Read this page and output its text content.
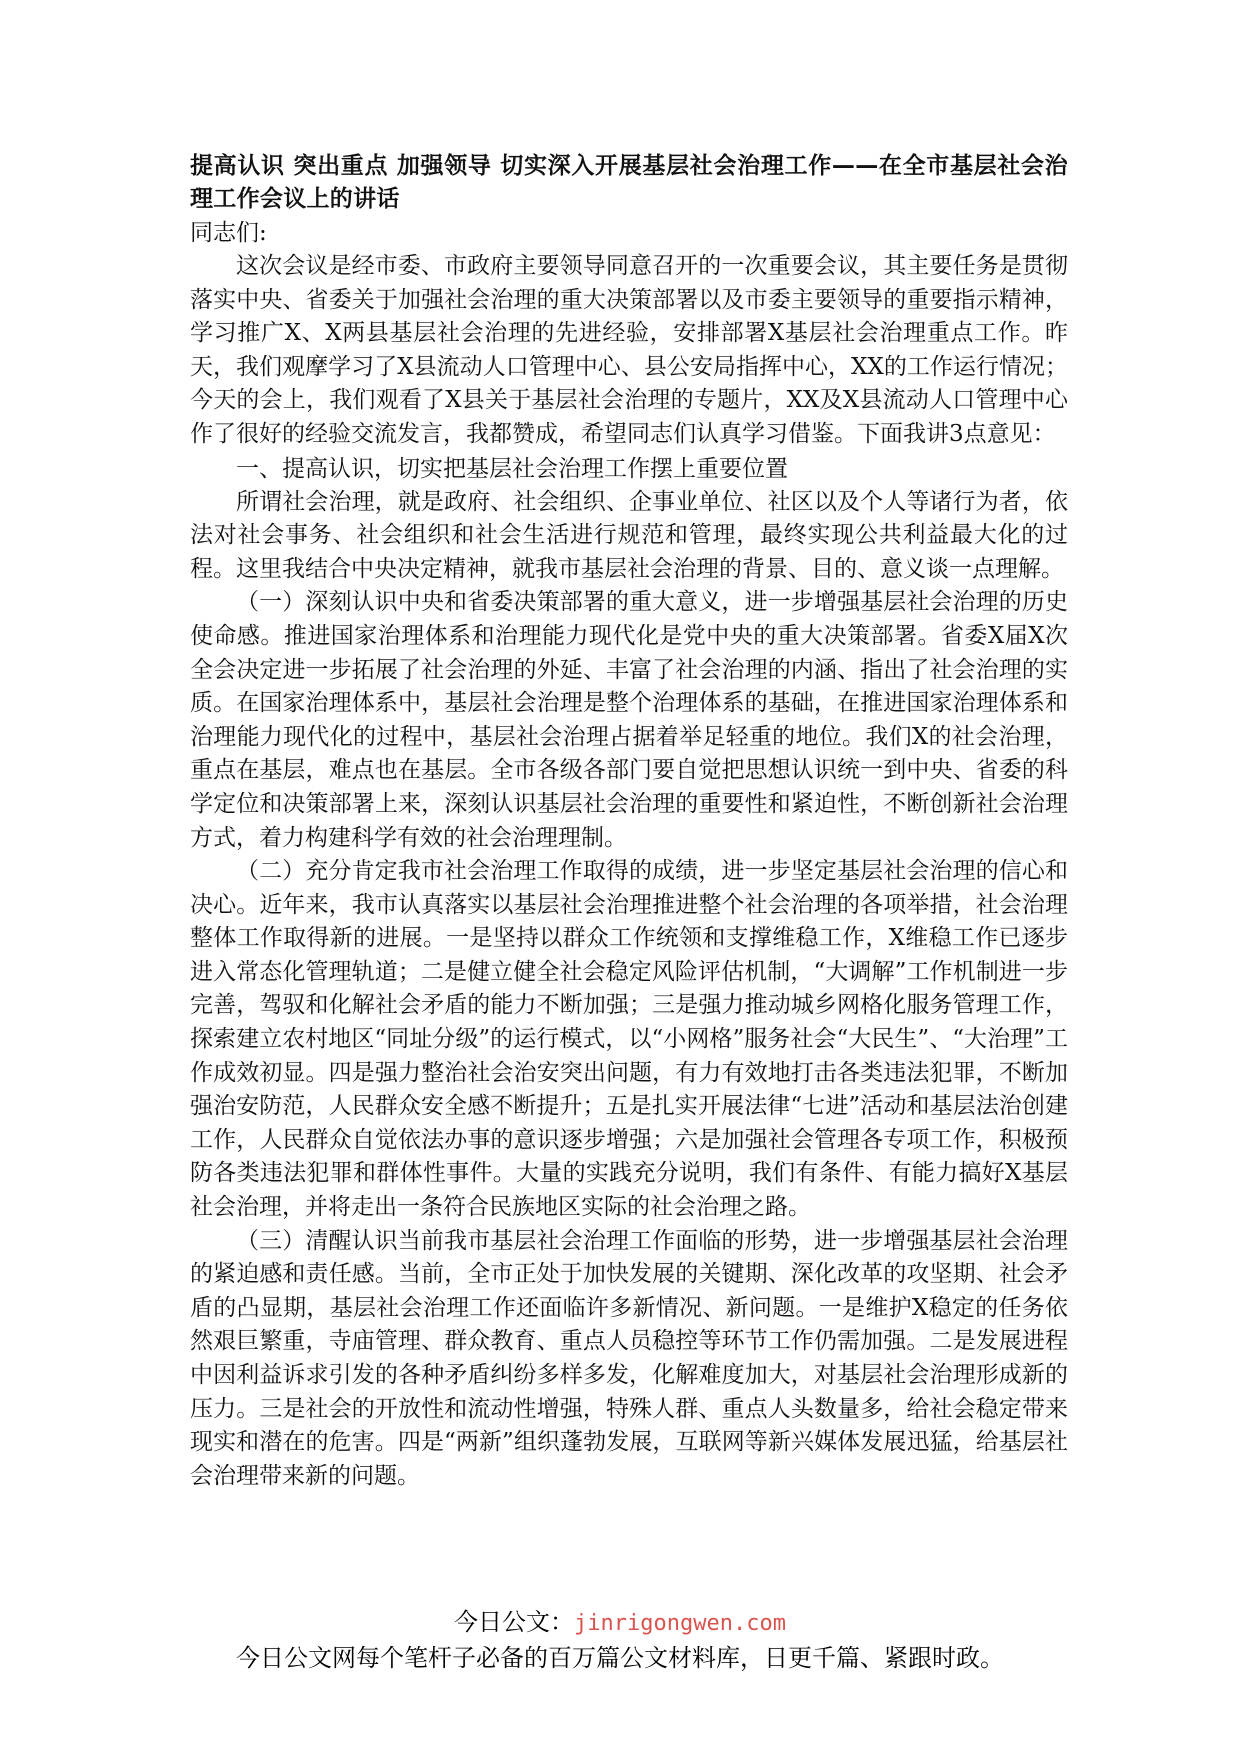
提高认识 突出重点 加强领导 切实深入开展基层社会治理工作——在全市基层社会治理工作会议上的讲话

同志们:

这次会议是经市委、市政府主要领导同意召开的一次重要会议，其主要任务是贯彻落实中央、省委关于加强社会治理的重大决策部署以及市委主要领导的重要指示精神，学习推广X、X两县基层社会治理的先进经验，安排部署X基层社会治理重点工作。昨天，我们观摩学习了X县流动人口管理中心、县公安局指挥中心，XX的工作运行情况；今天的会上，我们观看了X县关于基层社会治理的专题片，XX及X县流动人口管理中心作了很好的经验交流发言，我都赞成，希望同志们认真学习借鉴。下面我讲3点意见：

一、提高认识，切实把基层社会治理工作摆上重要位置

所谓社会治理，就是政府、社会组织、企事业单位、社区以及个人等诸行为者，依法对社会事务、社会组织和社会生活进行规范和管理，最终实现公共利益最大化的过程。这里我结合中央决定精神，就我市基层社会治理的背景、目的、意义谈一点理解。

（一）深刻认识中央和省委决策部署的重大意义，进一步增强基层社会治理的历史使命感。推进国家治理体系和治理能力现代化是党中央的重大决策部署。省委X届X次全会决定进一步拓展了社会治理的外延、丰富了社会治理的内涵、指出了社会治理的实质。在国家治理体系中，基层社会治理是整个治理体系的基础，在推进国家治理体系和治理能力现代化的过程中，基层社会治理占据着举足轻重的地位。我们X的社会治理，重点在基层，难点也在基层。全市各级各部门要自觉把思想认识统一到中央、省委的科学定位和决策部署上来，深刻认识基层社会治理的重要性和紧迫性，不断创新社会治理方式，着力构建科学有效的社会治理理制。

（二）充分肯定我市社会治理工作取得的成绩，进一步坚定基层社会治理的信心和决心。近年来，我市认真落实以基层社会治理推进整个社会治理的各项举措，社会治理整体工作取得新的进展。一是坚持以群众工作统领和支撑维稳工作，X维稳工作已逐步进入常态化管理轨道；二是健立健全社会稳定风险评估机制，“大调解”工作机制进一步完善，驾驭和化解社会矛盾的能力不断加强；三是强力推动城乡网格化服务管理工作，探索建立农村地区“同址分级”的运行模式，以“小网格”服务社会“大民生”、“大治理”工作成效初显。四是强力整治社会治安突出问题，有力有效地打击各类违法犯罪，不断加强治安防范，人民群众安全感不断提升；五是扎实开展法律“七进”活动和基层法治创建工作，人民群众自觉依法办事的意识逐步增强；六是加强社会管理各专项工作，积极预防各类违法犯罪和群体性事件。大量的实践充分说明，我们有条件、有能力搞好X基层社会治理，并将走出一条符合民族地区实际的社会治理之路。

（三）清醒认识当前我市基层社会治理工作面临的形势，进一步增强基层社会治理的紧迫感和责任感。当前，全市正处于加快发展的关键期、深化改革的攻坚期、社会矛盾的凸显期，基层社会治理工作还面临许多新情况、新问题。一是维护X稳定的任务依然艰巨繁重，寺庙管理、群众教育、重点人员稳控等环节工作仍需加强。二是发展进程中因利益诉求引发的各种矛盾纠纷多样多发，化解难度加大，对基层社会治理形成新的压力。三是社会的开放性和流动性增强，特殊人群、重点人头数量多，给社会稳定带来现实和潜在的危害。四是“两新”组织蓬勃发展，互联网等新兴媒体发展迅猛，给基层社会治理带来新的问题。

今日公文：jinrigongwen.com
今日公文网每个笔杆子必备的百万篇公文材料库，日更千篇、紧跟时政。
